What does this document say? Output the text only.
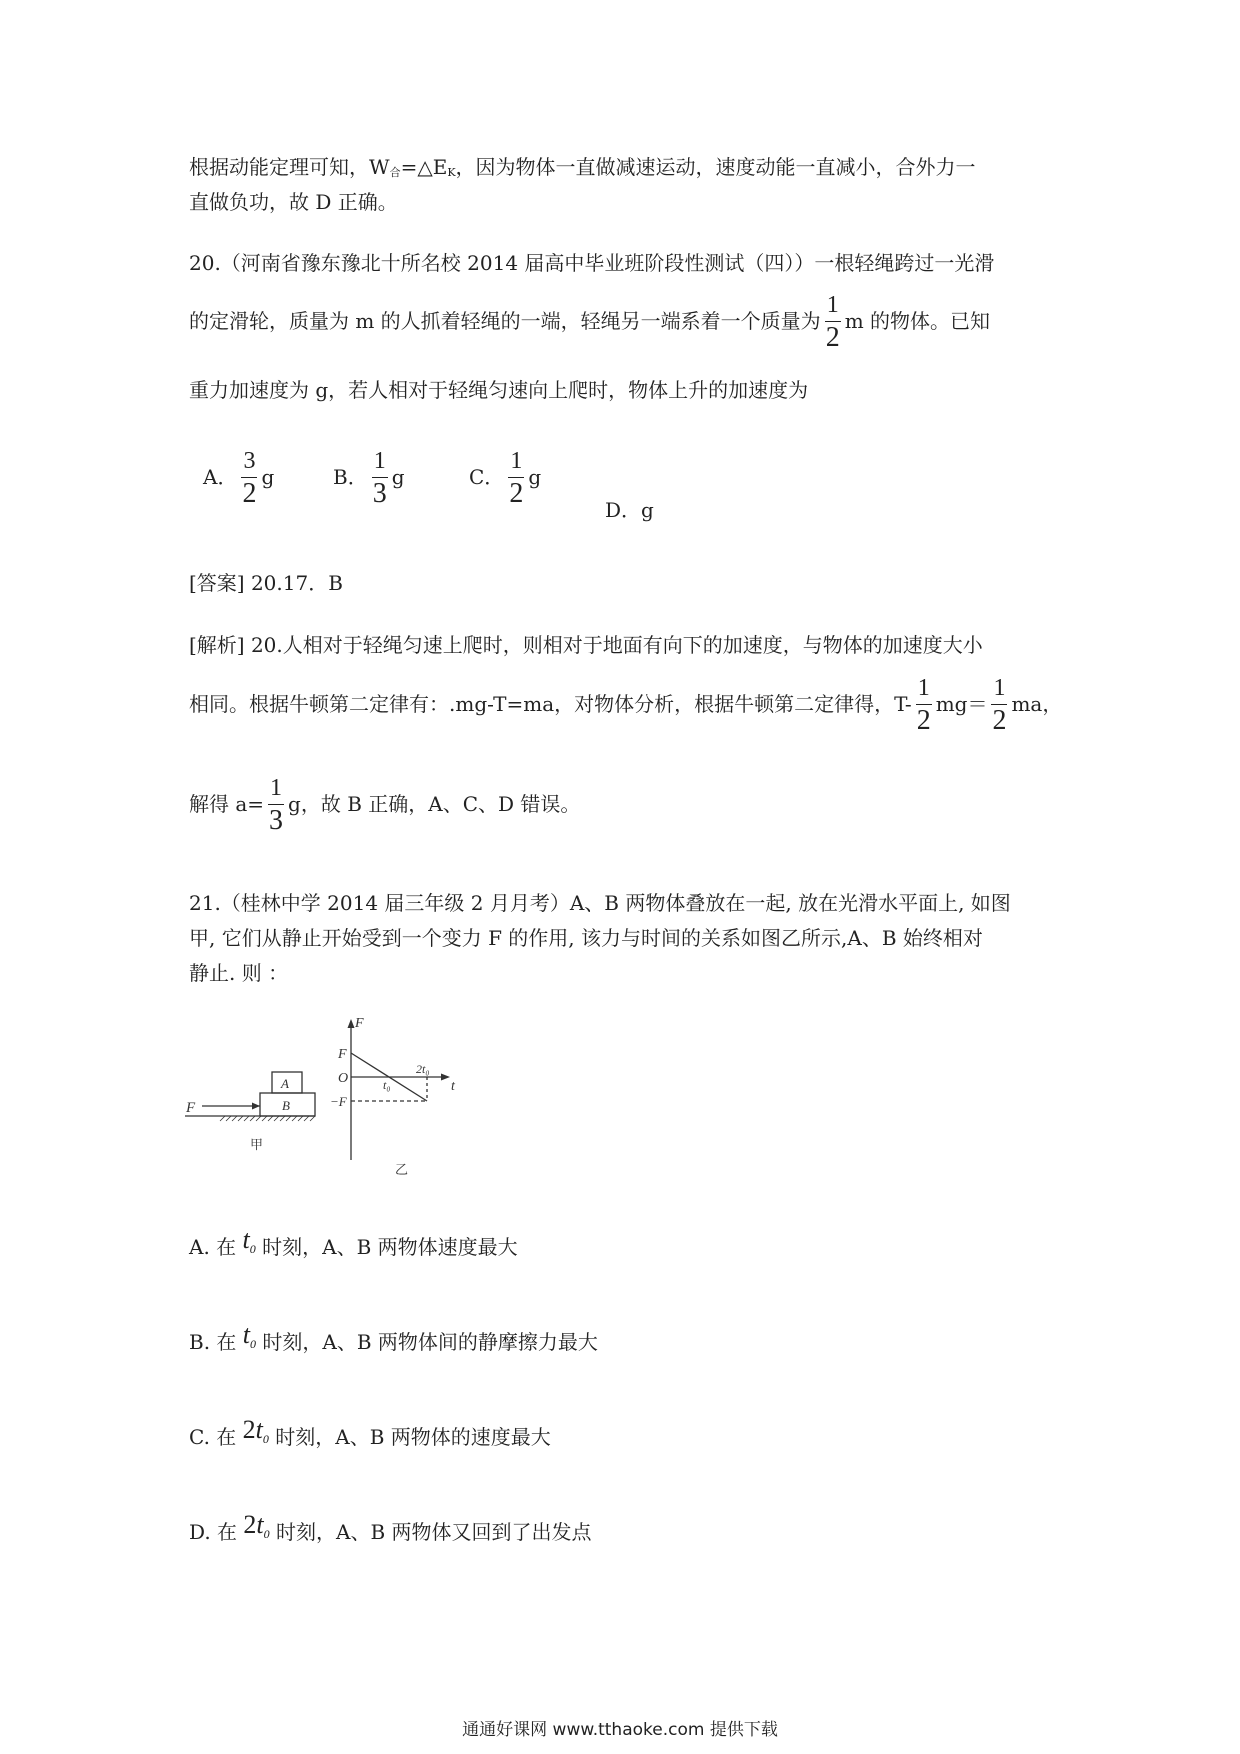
根据动能定理可知，W合=△EK，因为物体一直做减速运动，速度动能一直减小，合外力一
直做负功，故 D 正确。
20.（河南省豫东豫北十所名校 2014 届高中毕业班阶段性测试（四））一根轻绳跨过一光滑
的定滑轮，质量为 m 的人抓着轻绳的一端，轻绳另一端系着一个质量为 $\frac{1}{2}$ m 的物体。已知
重力加速度为 g，若人相对于轻绳匀速向上爬时，物体上升的加速度为
A． $\frac{3}{2}$ g	B． $\frac{1}{3}$ g	C． $\frac{1}{2}$ g
D．g
[答案] 20.17．B
[解析] 20.人相对于轻绳匀速上爬时，则相对于地面有向下的加速度，与物体的加速度大小
相同。根据牛顿第二定律有：.mg-T=ma，对物体分析，根据牛顿第二定律得，$T- \frac{1}{2} mg= \frac{1}{2}$ ma，
解得 $a= \frac{1}{3}$ g，故 B 正确，A、C、D 错误。
21.（桂林中学 2014 届三年级 2 月月考）A、B 两物体叠放在一起, 放在光滑水平面上, 如图
甲, 它们从静止开始受到一个变力 F 的作用, 该力与时间的关系如图乙所示,A、B 始终相对
静止. 则 ：
F
A
B
甲
F
F
O
−F
t₀
2t₀
t
乙
A. 在 $t_0$ 时刻，A、B 两物体速度最大
B. 在 $t_0$ 时刻，A、B 两物体间的静摩擦力最大
C. 在 $2t_0$ 时刻，A、B 两物体的速度最大
D. 在 $2t_0$ 时刻，A、B 两物体又回到了出发点
通通好课网 www.tthaoke.com 提供下载
